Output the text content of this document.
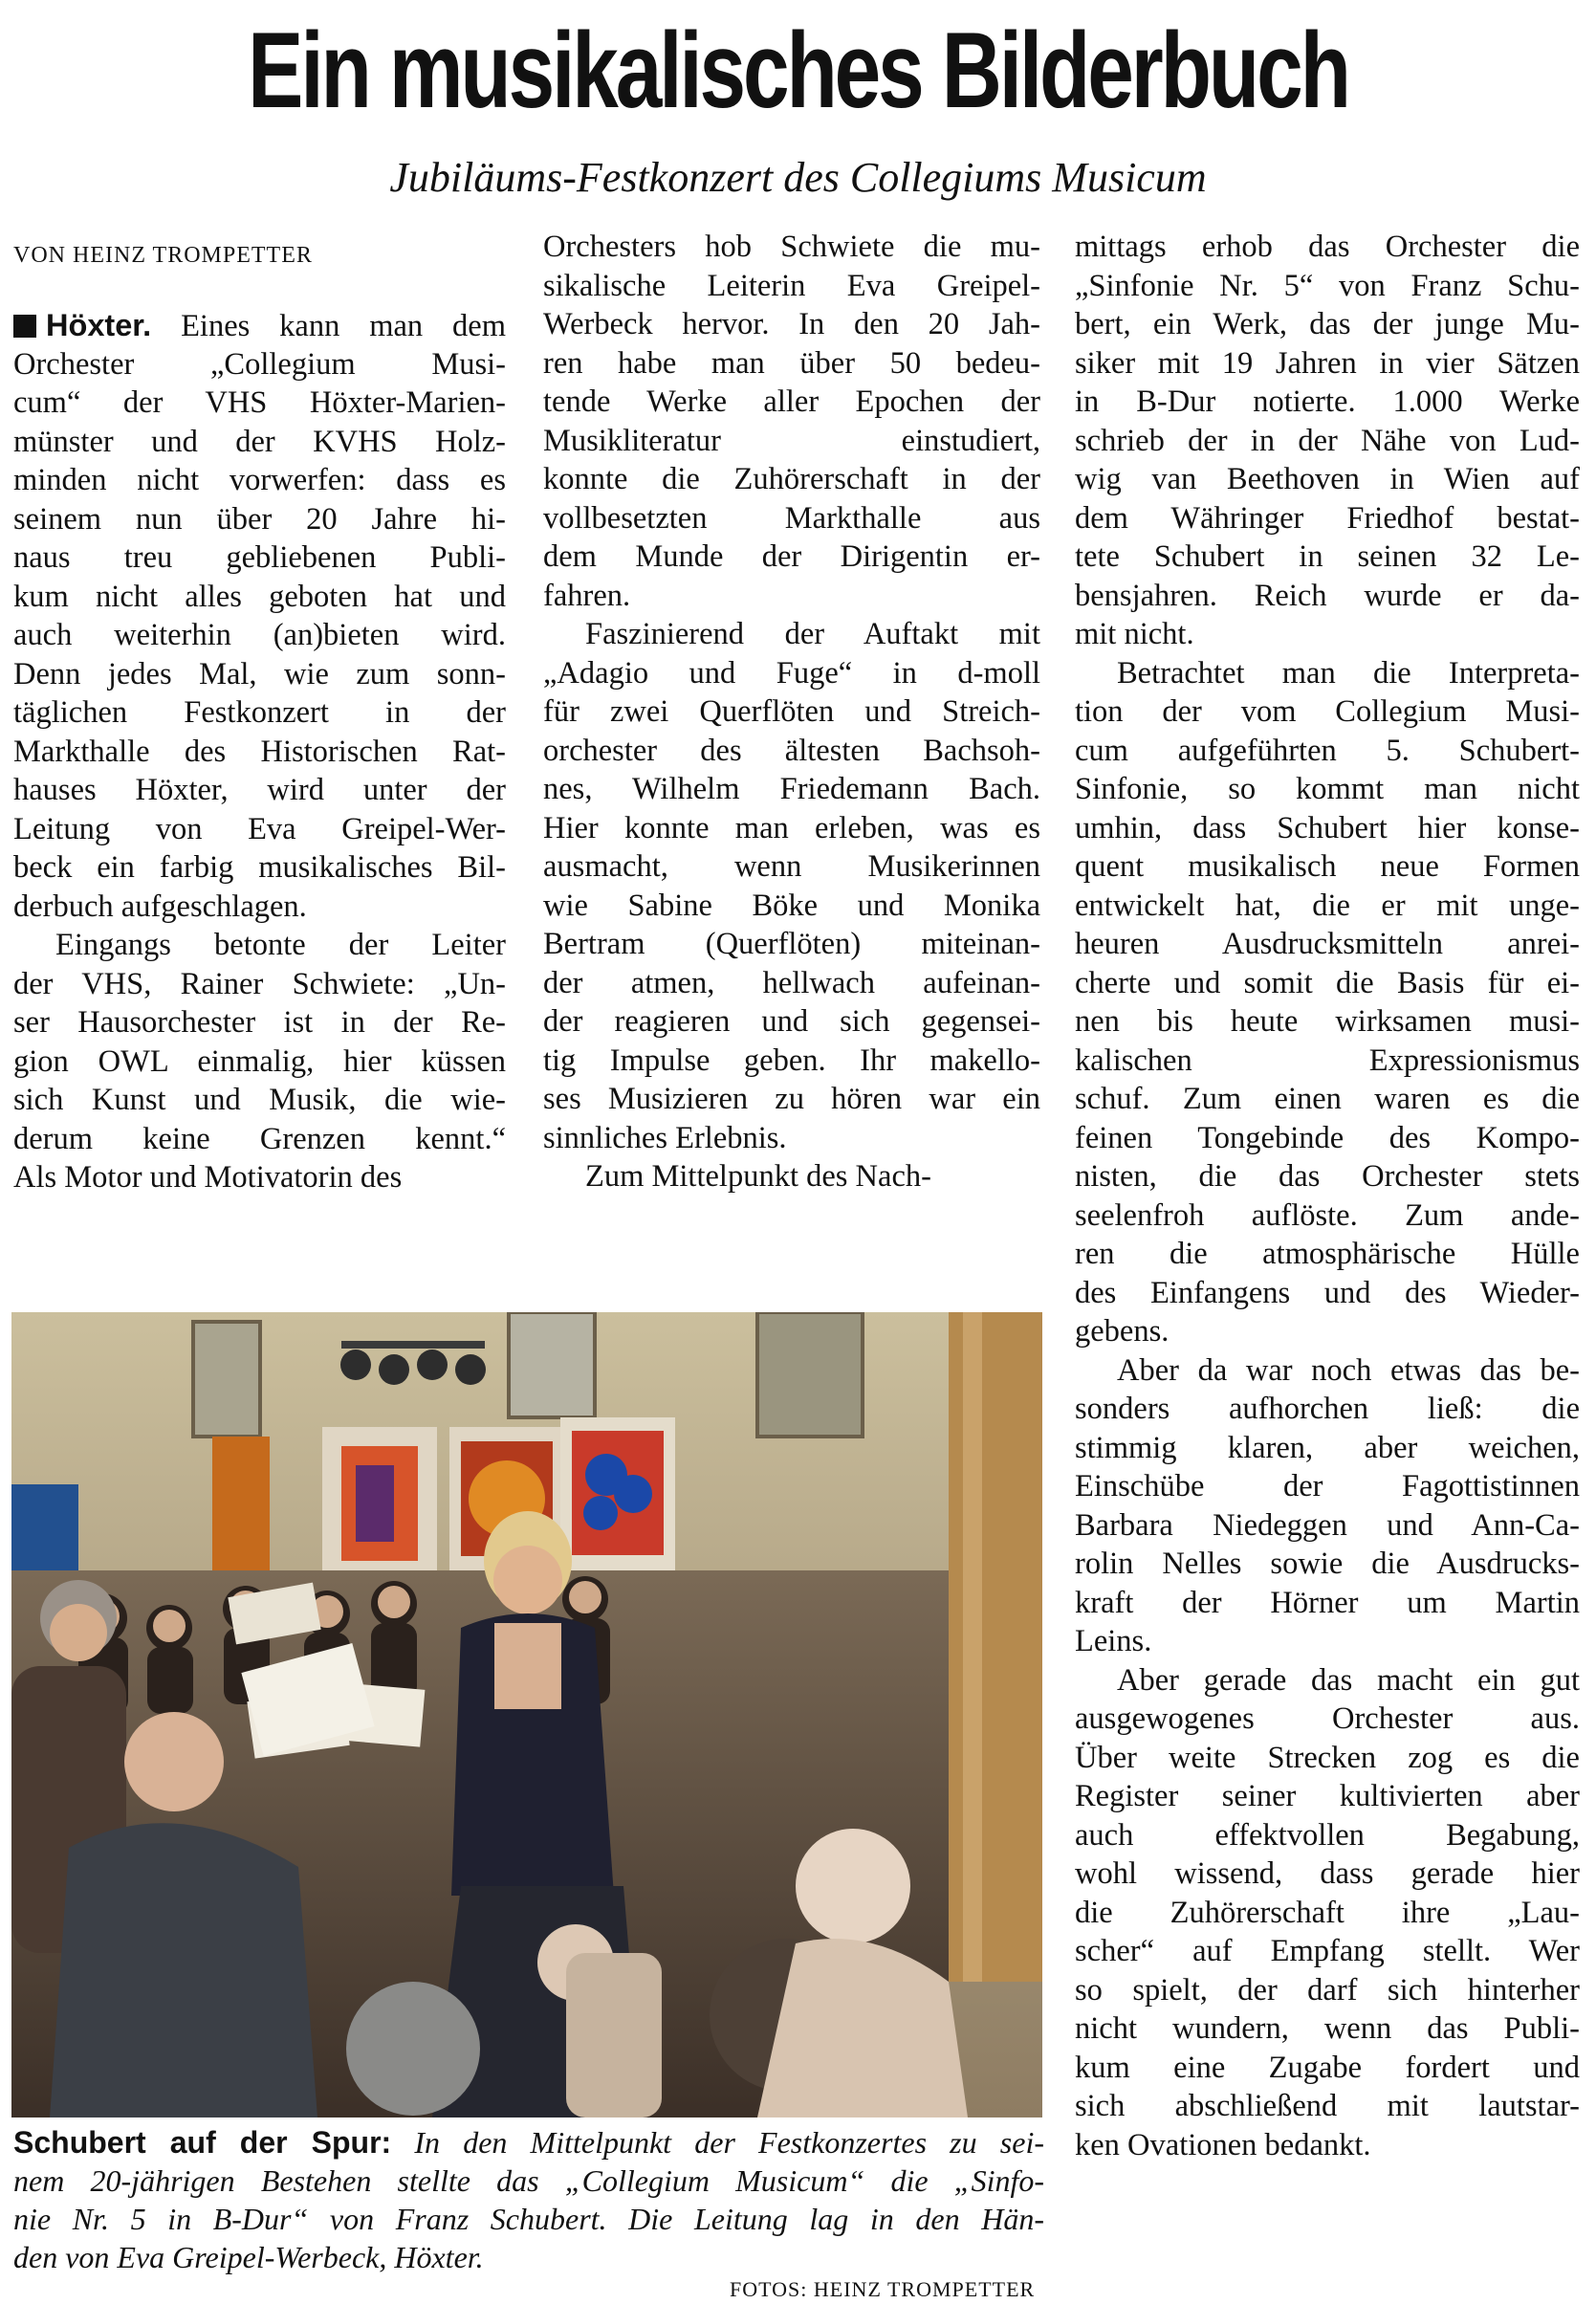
Ein musikalisches Bilderbuch
Jubiläums-Festkonzert des Collegiums Musicum
VON HEINZ TROMPETTER
Höxter. Eines kann man dem
Orchester „Collegium Musi-
cum“ der VHS Höxter-Marien-
münster und der KVHS Holz-
minden nicht vorwerfen: dass es
seinem nun über 20 Jahre hi-
naus treu gebliebenen Publi-
kum nicht alles geboten hat und
auch weiterhin (an)bieten wird.
Denn jedes Mal, wie zum sonn-
täglichen Festkonzert in der
Markthalle des Historischen Rat-
hauses Höxter, wird unter der
Leitung von Eva Greipel-Wer-
beck ein farbig musikalisches Bil-
derbuch aufgeschlagen.
Eingangs betonte der Leiter
der VHS, Rainer Schwiete: „Un-
ser Hausorchester ist in der Re-
gion OWL einmalig, hier küssen
sich Kunst und Musik, die wie-
derum keine Grenzen kennt.“
Als Motor und Motivatorin des
Orchesters hob Schwiete die mu-
sikalische Leiterin Eva Greipel-
Werbeck hervor. In den 20 Jah-
ren habe man über 50 bedeu-
tende Werke aller Epochen der
Musikliteratur einstudiert,
konnte die Zuhörerschaft in der
vollbesetzten Markthalle aus
dem Munde der Dirigentin er-
fahren.
Faszinierend der Auftakt mit
„Adagio und Fuge“ in d-moll
für zwei Querflöten und Streich-
orchester des ältesten Bachsoh-
nes, Wilhelm Friedemann Bach.
Hier konnte man erleben, was es
ausmacht, wenn Musikerinnen
wie Sabine Böke und Monika
Bertram (Querflöten) miteinan-
der atmen, hellwach aufeinan-
der reagieren und sich gegensei-
tig Impulse geben. Ihr makello-
ses Musizieren zu hören war ein
sinnliches Erlebnis.
Zum Mittelpunkt des Nach-
mittags erhob das Orchester die
„Sinfonie Nr. 5“ von Franz Schu-
bert, ein Werk, das der junge Mu-
siker mit 19 Jahren in vier Sätzen
in B-Dur notierte. 1.000 Werke
schrieb der in der Nähe von Lud-
wig van Beethoven in Wien auf
dem Währinger Friedhof bestat-
tete Schubert in seinen 32 Le-
bensjahren. Reich wurde er da-
mit nicht.
Betrachtet man die Interpreta-
tion der vom Collegium Musi-
cum aufgeführten 5. Schubert-
Sinfonie, so kommt man nicht
umhin, dass Schubert hier konse-
quent musikalisch neue Formen
entwickelt hat, die er mit unge-
heuren Ausdrucksmitteln anrei-
cherte und somit die Basis für ei-
nen bis heute wirksamen musi-
kalischen Expressionismus
schuf. Zum einen waren es die
feinen Tongebinde des Kompo-
nisten, die das Orchester stets
seelenfroh auflöste. Zum ande-
ren die atmosphärische Hülle
des Einfangens und des Wieder-
gebens.
Aber da war noch etwas das be-
sonders aufhorchen ließ: die
stimmig klaren, aber weichen,
Einschübe der Fagottistinnen
Barbara Niedeggen und Ann-Ca-
rolin Nelles sowie die Ausdrucks-
kraft der Hörner um Martin
Leins.
Aber gerade das macht ein gut
ausgewogenes Orchester aus.
Über weite Strecken zog es die
Register seiner kultivierten aber
auch effektvollen Begabung,
wohl wissend, dass gerade hier
die Zuhörerschaft ihre „Lau-
scher“ auf Empfang stellt. Wer
so spielt, der darf sich hinterher
nicht wundern, wenn das Publi-
kum eine Zugabe fordert und
sich abschließend mit lautstar-
ken Ovationen bedankt.
Schubert auf der Spur: In den Mittelpunkt der Festkonzertes zu sei-
nem 20-jährigen Bestehen stellte das „Collegium Musicum“ die „Sinfo-
nie Nr. 5 in B-Dur“ von Franz Schubert. Die Leitung lag in den Hän-
den von Eva Greipel-Werbeck, Höxter.
FOTOS: HEINZ TROMPETTER
